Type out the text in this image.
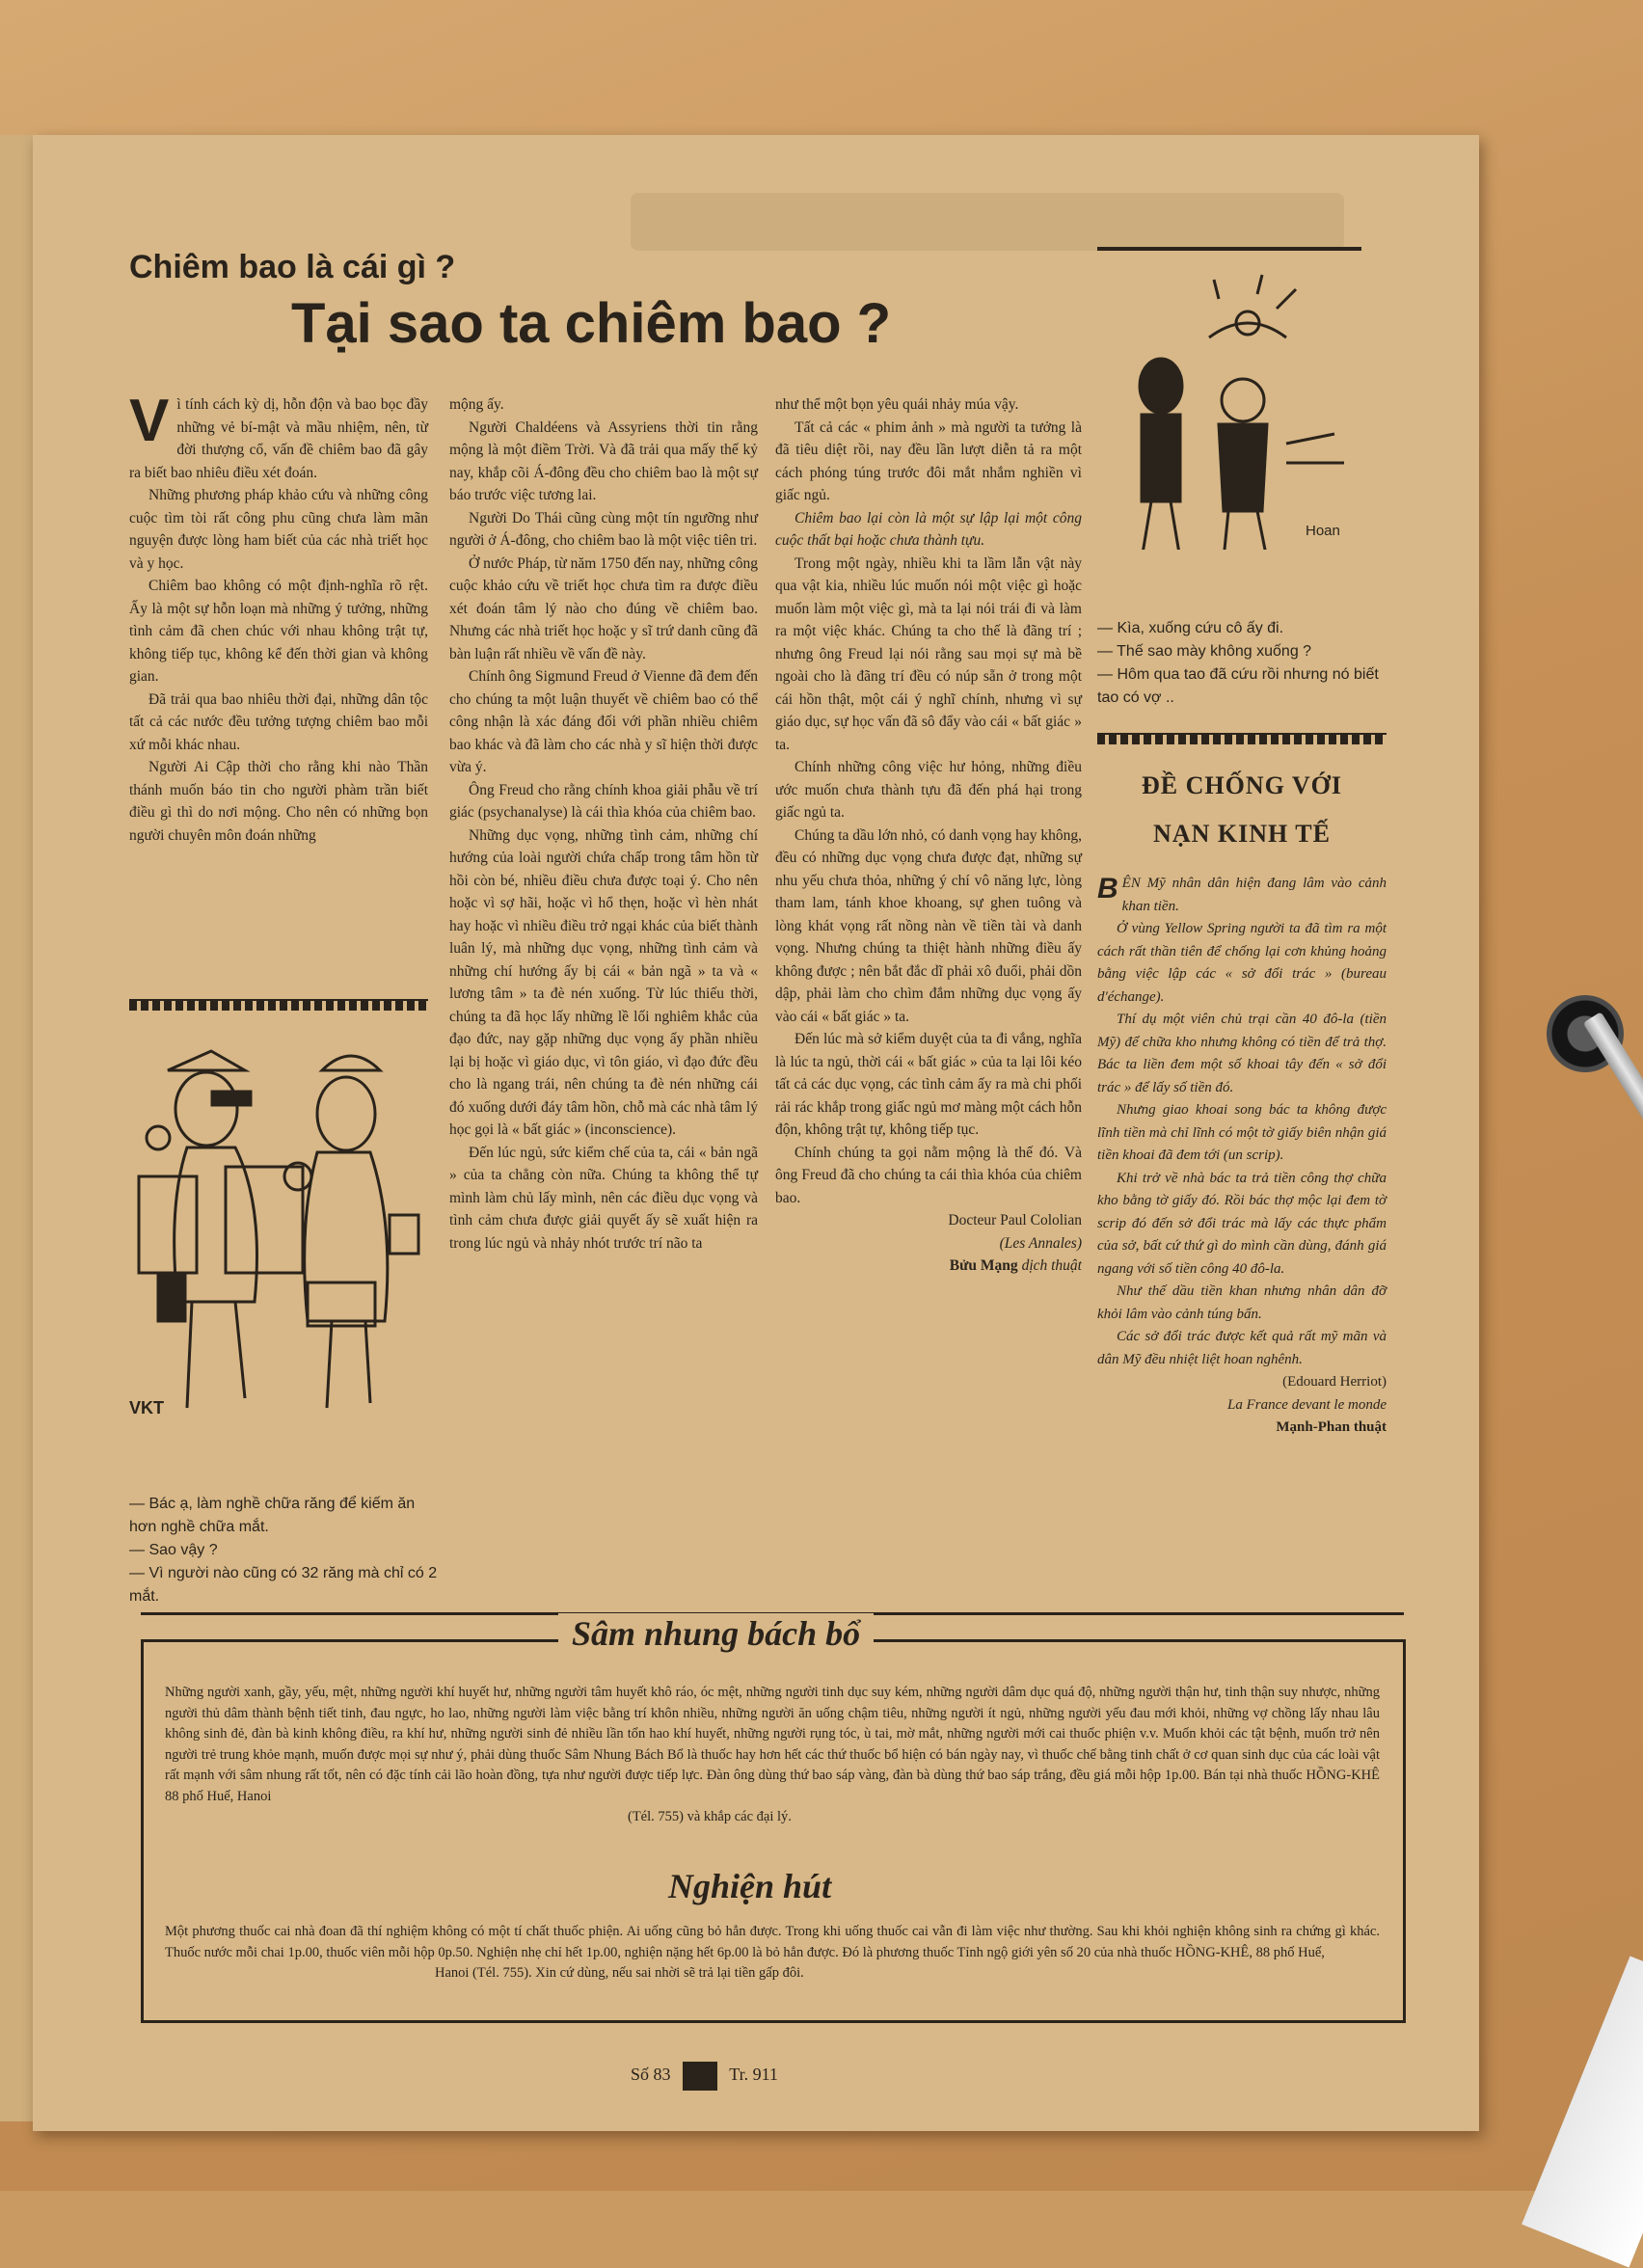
Chiêm bao là cái gì ?
Tại sao ta chiêm bao ?

Vì tính cách kỳ dị, hỗn độn và bao bọc đầy những vẻ bí-mật và mầu nhiệm, nên, từ đời thượng cổ, vấn đề chiêm bao đã gây ra biết bao nhiêu điều xét đoán.

Những phương pháp khảo cứu và những công cuộc tìm tòi rất công phu cũng chưa làm mãn nguyện được lòng ham biết của các nhà triết học và y học.

Chiêm bao không có một định-nghĩa rõ rệt. Ấy là một sự hỗn loạn mà những ý tưởng, những tình cảm đã chen chúc với nhau không trật tự, không tiếp tục, không kể đến thời gian và không gian.

Đã trải qua bao nhiêu thời đại, những dân tộc tất cả các nước đều tưởng tượng chiêm bao mỗi xứ mỗi khác nhau.

Người Ai Cập thời cho rằng khi nào Thần thánh muốn báo tin cho người phàm trần biết điều gì thì do nơi mộng. Cho nên có những bọn người chuyên môn đoán những

VKT
— Bác ạ, làm nghề chữa răng để kiếm ăn hơn nghề chữa mắt.
— Sao vậy ?
— Vì người nào cũng có 32 răng mà chỉ có 2 mắt.

mộng ấy.

Người Chaldéens và Assyriens thời tin rằng mộng là một điềm Trời. Và đã trải qua mấy thế kỷ nay, khắp cõi Á-đông đều cho chiêm bao là một sự báo trước việc tương lai.

Người Do Thái cũng cùng một tín ngưỡng như người ở Á-đông, cho chiêm bao là một việc tiên tri.

Ở nước Pháp, từ năm 1750 đến nay, những công cuộc khảo cứu về triết học chưa tìm ra được điều xét đoán tâm lý nào cho đúng về chiêm bao. Nhưng các nhà triết học hoặc y sĩ trứ danh cũng đã bàn luận rất nhiều về vấn đề này.

Chính ông Sigmund Freud ở Vienne đã đem đến cho chúng ta một luận thuyết về chiêm bao có thể công nhận là xác đáng đối với phần nhiều chiêm bao khác và đã làm cho các nhà y sĩ hiện thời được vừa ý.

Ông Freud cho rằng chính khoa giải phẫu về trí giác (psychanalyse) là cái thìa khóa của chiêm bao.

Những dục vọng, những tình cảm, những chí hướng của loài người chứa chấp trong tâm hồn từ hồi còn bé, nhiều điều chưa được toại ý. Cho nên hoặc vì sợ hãi, hoặc vì hổ thẹn, hoặc vì hèn nhát hay hoặc vì nhiều điều trở ngại khác của biết thành luân lý, mà những dục vọng, những tình cảm và những chí hướng ấy bị cái « bản ngã » ta và « lương tâm » ta đè nén xuống. Từ lúc thiếu thời, chúng ta đã học lấy những lề lối nghiêm khắc của đạo đức, nay gặp những dục vọng ấy phần nhiều lại bị hoặc vì giáo dục, vì tôn giáo, vì đạo đức đều cho là ngang trái, nên chúng ta đè nén những cái đó xuống dưới đáy tâm hồn, chỗ mà các nhà tâm lý học gọi là « bất giác » (inconscience).

Đến lúc ngủ, sức kiểm chế của ta, cái « bản ngã » của ta chẳng còn nữa. Chúng ta không thể tự mình làm chủ lấy mình, nên các điều dục vọng và tình cảm chưa được giải quyết ấy sẽ xuất hiện ra trong lúc ngủ và nhảy nhót trước trí não ta

như thể một bọn yêu quái nhảy múa vậy.

Tất cả các « phim ảnh » mà người ta tưởng là đã tiêu diệt rồi, nay đều lần lượt diễn tả ra một cách phóng túng trước đôi mắt nhắm nghiền vì giấc ngủ.

Chiêm bao lại còn là một sự lập lại một công cuộc thất bại hoặc chưa thành tựu.

Trong một ngày, nhiều khi ta lầm lẫn vật này qua vật kia, nhiều lúc muốn nói một việc gì hoặc muốn làm một việc gì, mà ta lại nói trái đi và làm ra một việc khác. Chúng ta cho thế là đãng trí ; nhưng ông Freud lại nói rằng sau mọi sự mà bề ngoài cho là đãng trí đều có núp sẵn ở trong một cái hồn thật, một cái ý nghĩ chính, nhưng vì sự giáo dục, sự học vấn đã sô đẩy vào cái « bất giác » ta.

Chính những công việc hư hỏng, những điều ước muốn chưa thành tựu đã đến phá hại trong giấc ngủ ta.

Chúng ta dầu lớn nhỏ, có danh vọng hay không, đều có những dục vọng chưa được đạt, những sự nhu yếu chưa thỏa, những ý chí vô năng lực, lòng tham lam, tánh khoe khoang, sự ghen tuông và lòng khát vọng rất nồng nàn về tiền tài và danh vọng. Nhưng chúng ta thiệt hành những điều ấy không được ; nên bắt đắc dĩ phải xô đuổi, phải dồn dập, phải làm cho chìm đắm những dục vọng ấy vào cái « bất giác » ta.

Đến lúc mà sở kiểm duyệt của ta đi vắng, nghĩa là lúc ta ngủ, thời cái « bất giác » của ta lại lôi kéo tất cả các dục vọng, các tình cảm ấy ra mà chi phối rải rác khắp trong giấc ngủ mơ màng một cách hỗn độn, không trật tự, không tiếp tục.

Chính chúng ta gọi nằm mộng là thế đó. Và ông Freud đã cho chúng ta cái thìa khóa của chiêm bao.

Docteur Paul Cololian

(Les Annales)

Bửu Mạng dịch thuật

Hoan
— Kìa, xuống cứu cô ấy đi.
— Thế sao mày không xuống ?
— Hôm qua tao đã cứu rồi nhưng nó biết tao có vợ ..
ĐỀ CHỐNG VỚI
NẠN KINH TẾ

BÊN Mỹ nhân dân hiện đang lâm vào cảnh khan tiền.

Ở vùng Yellow Spring người ta đã tìm ra một cách rất thần tiên để chống lại cơn khủng hoảng bằng việc lập các « sở đổi trác » (bureau d'échange).

Thí dụ một viên chủ trại cần 40 đô-la (tiền Mỹ) để chữa kho nhưng không có tiền để trả thợ. Bác ta liền đem một số khoai tây đến « sở đổi trác » để lấy số tiền đó.

Nhưng giao khoai song bác ta không được lĩnh tiền mà chỉ lĩnh có một tờ giấy biên nhận giá tiền khoai đã đem tới (un scrip).

Khi trở về nhà bác ta trả tiền công thợ chữa kho bằng tờ giấy đó. Rồi bác thợ mộc lại đem tờ scrip đó đến sở đổi trác mà lấy các thực phẩm của sở, bất cứ thứ gì do mình cần dùng, đánh giá ngang với số tiền công 40 đô-la.

Như thế dầu tiền khan nhưng nhân dân đỡ khỏi lâm vào cảnh túng bấn.

Các sở đổi trác được kết quả rất mỹ mãn và dân Mỹ đều nhiệt liệt hoan nghênh.

(Edouard Herriot)

La France devant le monde

Mạnh-Phan thuật

Sâm nhung bách bổ
Những người xanh, gầy, yếu, mệt, những người khí huyết hư, những người tâm huyết khô ráo, óc mệt, những người tinh dục suy kém, những người dâm dục quá độ, những người thận hư, tinh thận suy nhược, những người thủ dâm thành bệnh tiết tinh, đau ngực, ho lao, những người làm việc bằng trí khôn nhiều, những người ăn uống chậm tiêu, những người ít ngủ, những người yếu đau mới khỏi, những vợ chồng lấy nhau lâu không sinh đẻ, đàn bà kinh không điều, ra khí hư, những người sinh đẻ nhiều lần tổn hao khí huyết, những người rụng tóc, ù tai, mờ mắt, những người mới cai thuốc phiện v.v. Muốn khỏi các tật bệnh, muốn trở nên người trẻ trung khỏe mạnh, muốn được mọi sự như ý, phải dùng thuốc Sâm Nhung Bách Bổ là thuốc hay hơn hết các thứ thuốc bổ hiện có bán ngày nay, vì thuốc chế bằng tinh chất ở cơ quan sinh dục của các loài vật rất mạnh với sâm nhung rất tốt, nên có đặc tính cải lão hoàn đồng, tựa như người được tiếp lực. Đàn ông dùng thứ bao sáp vàng, đàn bà dùng thứ bao sáp trắng, đều giá mỗi hộp 1p.00. Bán tại nhà thuốc HỒNG-KHÊ 88 phố Huế, Hanoi
(Tél. 755) và khắp các đại lý.
Nghiện hút
Một phương thuốc cai nhà đoan đã thí nghiệm không có một tí chất thuốc phiện. Ai uống cũng bỏ hẳn được. Trong khi uống thuốc cai vẫn đi làm việc như thường. Sau khi khỏi nghiện không sinh ra chứng gì khác. Thuốc nước mỗi chai 1p.00, thuốc viên mỗi hộp 0p.50. Nghiện nhẹ chỉ hết 1p.00, nghiện nặng hết 6p.00 là bỏ hẳn được. Đó là phương thuốc Tỉnh ngộ giới yên số 20 của nhà thuốc HỒNG-KHÊ, 88 phố Huế,
Hanoi (Tél. 755). Xin cứ dùng, nếu sai nhời sẽ trả lại tiền gấp đôi.
Số 83	Tr. 911
